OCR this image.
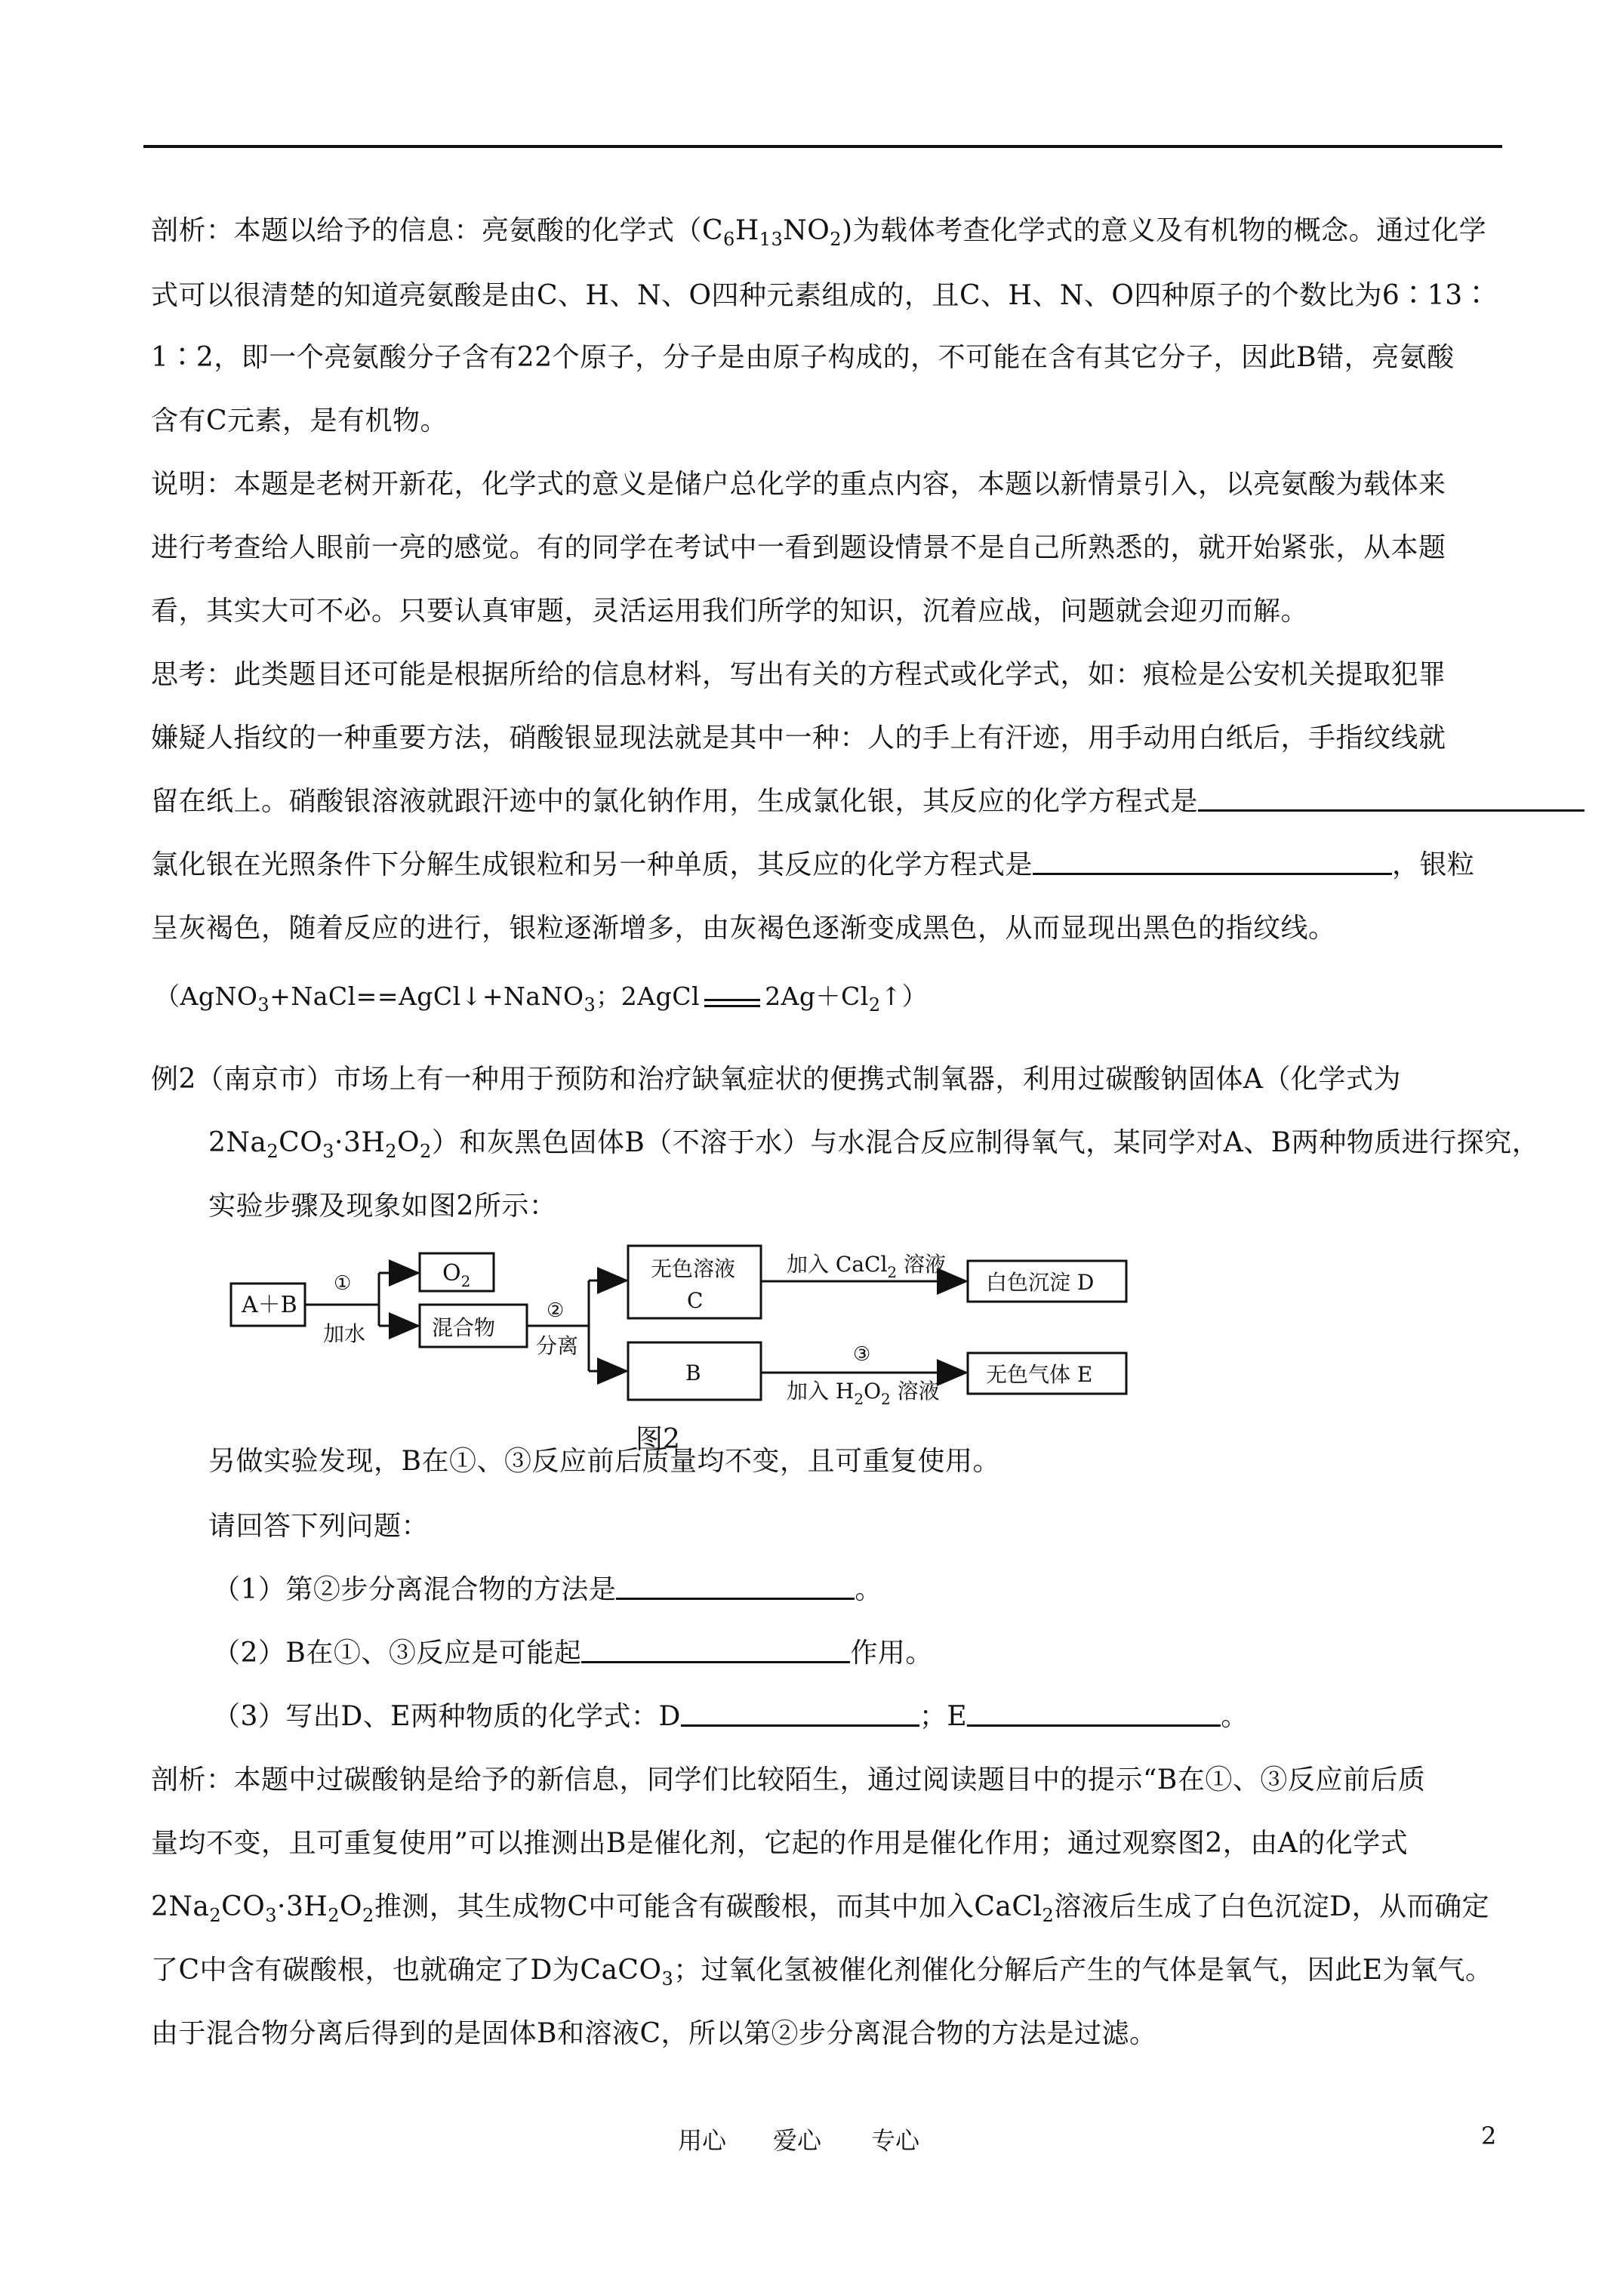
剖析：本题以给予的信息：亮氨酸的化学式$(C_6H_{13}NO_2)$为载体考查化学式的意义及有机物的概念。通过化学
式可以很清楚的知道亮氨酸是由C、H、N、O四种元素组成的，且C、H、N、O四种原子的个数比为6∶13∶
1∶2，即一个亮氨酸分子含有22个原子，分子是由原子构成的，不可能在含有其它分子，因此B错，亮氨酸
含有C元素，是有机物。
说明：本题是老树开新花，化学式的意义是储户总化学的重点内容，本题以新情景引入，以亮氨酸为载体来
进行考查给人眼前一亮的感觉。有的同学在考试中一看到题设情景不是自己所熟悉的，就开始紧张，从本题
看，其实大可不必。只要认真审题，灵活运用我们所学的知识，沉着应战，问题就会迎刃而解。
思考：此类题目还可能是根据所给的信息材料，写出有关的方程式或化学式，如：痕检是公安机关提取犯罪
嫌疑人指纹的一种重要方法，硝酸银显现法就是其中一种：人的手上有汗迹，用手动用白纸后，手指纹线就
留在纸上。硝酸银溶液就跟汗迹中的氯化钠作用，生成氯化银，其反应的化学方程式是
氯化银在光照条件下分解生成银粒和另一种单质，其反应的化学方程式是	，银粒
呈灰褐色，随着反应的进行，银粒逐渐增多，由灰褐色逐渐变成黑色，从而显现出黑色的指纹线。
（AgNO$_3$+NaCl==AgCl↓+NaNO$_3$；2AgCl	$2Ag+Cl_2↑$）
例2（南京市）市场上有一种用于预防和治疗缺氧症状的便携式制氧器，利用过碳酸钠固体A（化学式为
$2Na_2CO_3\cdot 3H_2O_2$）和灰黑色固体B（不溶于水）与水混合反应制得氧气，某同学对A、B两种物质进行探究，
实验步骤及现象如图2所示：
A＋B
①
加水
$O_2$
混合物
②
分离
无色溶液
C
B
加入 CaCl$_2$ 溶液
③
加入 $H_2O_2$ 溶液
白色沉淀 D
无色气体 E
图2
另做实验发现，B在①、③反应前后质量均不变，且可重复使用。
请回答下列问题：
（1）第②步分离混合物的方法是	。
（2）B在①、③反应是可能起	作用。
（3）写出D、E两种物质的化学式：D	；E	。
剖析：本题中过碳酸钠是给予的新信息，同学们比较陌生，通过阅读题目中的提示“B在①、③反应前后质
量均不变，且可重复使用”可以推测出B是催化剂，它起的作用是催化作用；通过观察图2，由A的化学式
$2Na_2CO_3\cdot 3H_2O_2$推测，其生成物C中可能含有碳酸根，而其中加入CaCl$_2$溶液后生成了白色沉淀D，从而确定
了C中含有碳酸根，也就确定了D为CaCO$_3$；过氧化氢被催化剂催化分解后产生的气体是氧气，因此E为氧气。
由于混合物分离后得到的是固体B和溶液C，所以第②步分离混合物的方法是过滤。
用心 爱心 专心	2
